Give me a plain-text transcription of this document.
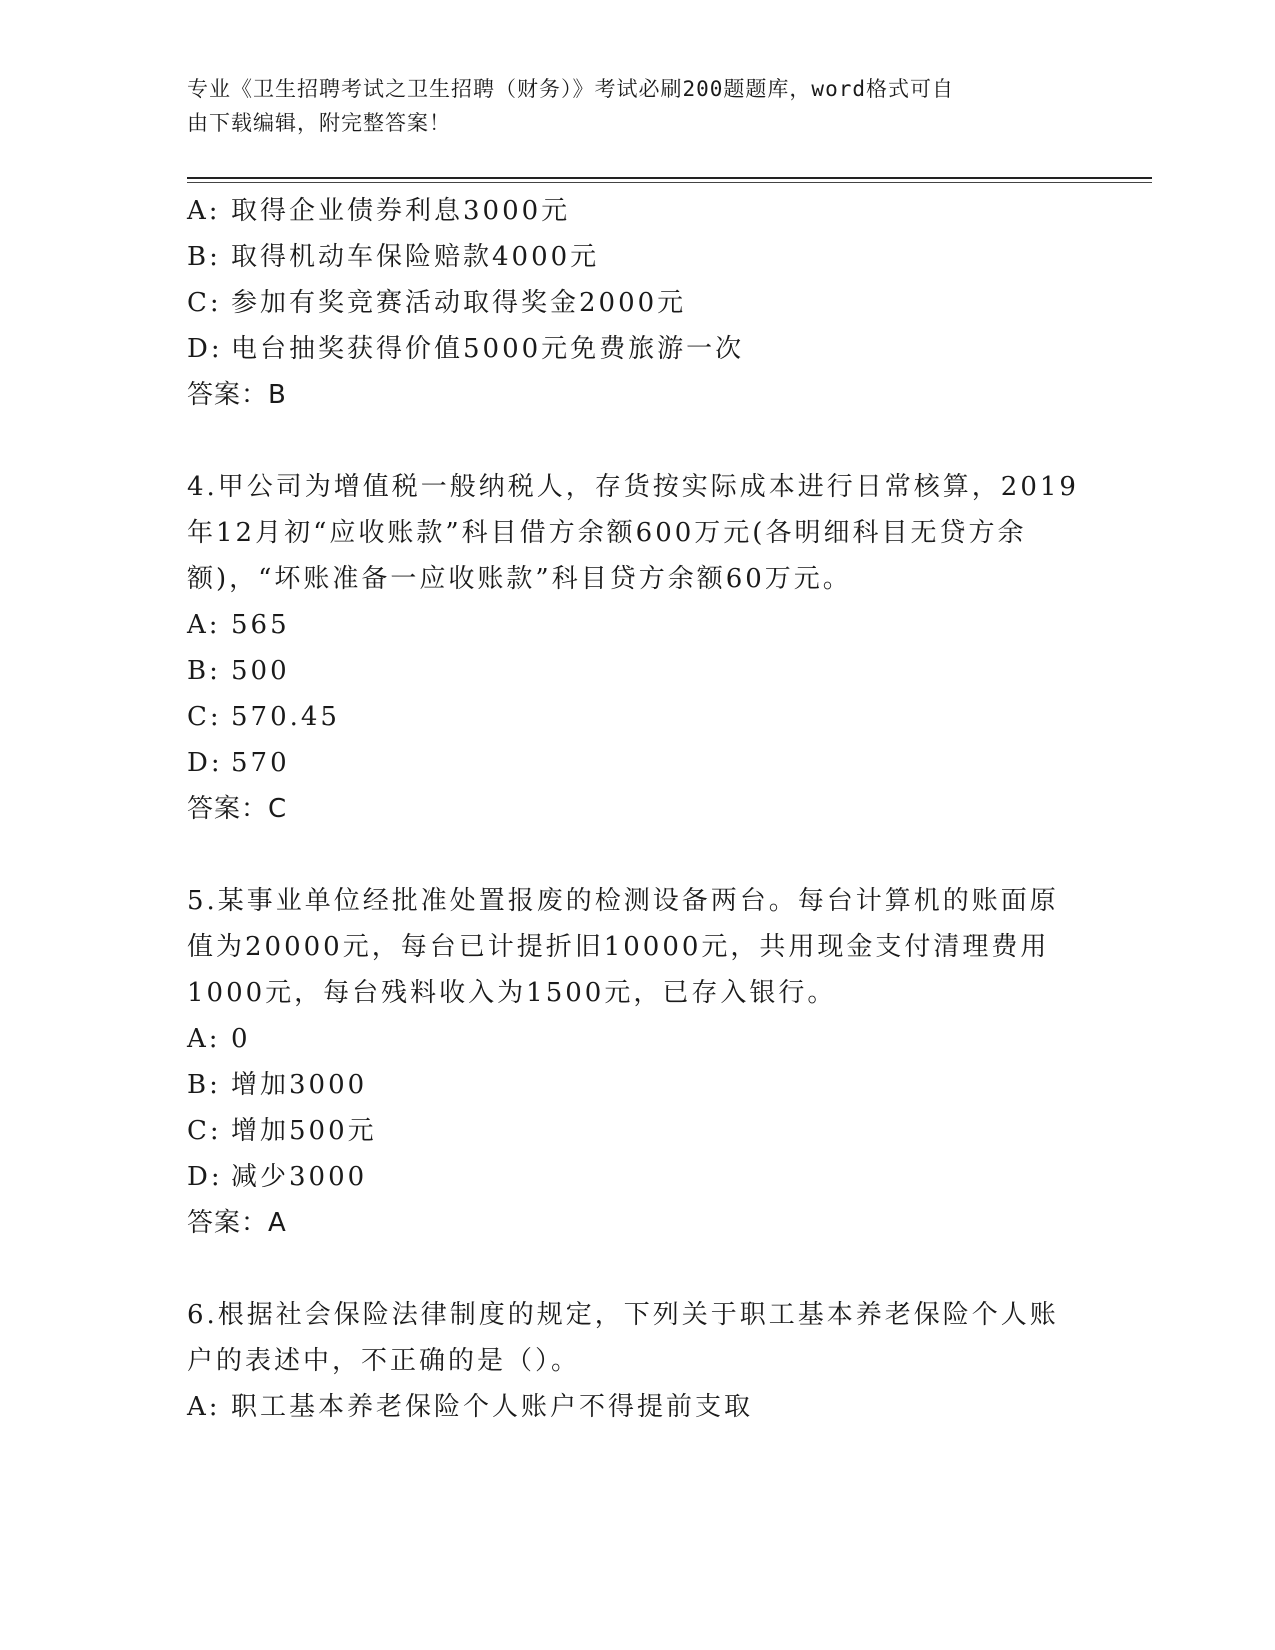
专业《卫生招聘考试之卫生招聘（财务）》考试必刷200题题库，word格式可自
由下载编辑，附完整答案！
A: 取得企业债券利息3000元
B: 取得机动车保险赔款4000元
C: 参加有奖竞赛活动取得奖金2000元
D: 电台抽奖获得价值5000元免费旅游一次
答案：B
4.甲公司为增值税一般纳税人，存货按实际成本进行日常核算，2019
年12月初“应收账款”科目借方余额600万元(各明细科目无贷方余
额)，“坏账准备一应收账款”科目贷方余额60万元。
A: 565
B: 500
C: 570.45
D: 570
答案：C
5.某事业单位经批准处置报废的检测设备两台。每台计算机的账面原
值为20000元，每台已计提折旧10000元，共用现金支付清理费用
1000元，每台残料收入为1500元，已存入银行。
A: 0
B: 增加3000
C: 增加500元
D: 减少3000
答案：A
6.根据社会保险法律制度的规定，下列关于职工基本养老保险个人账
户的表述中，不正确的是（）。
A: 职工基本养老保险个人账户不得提前支取
